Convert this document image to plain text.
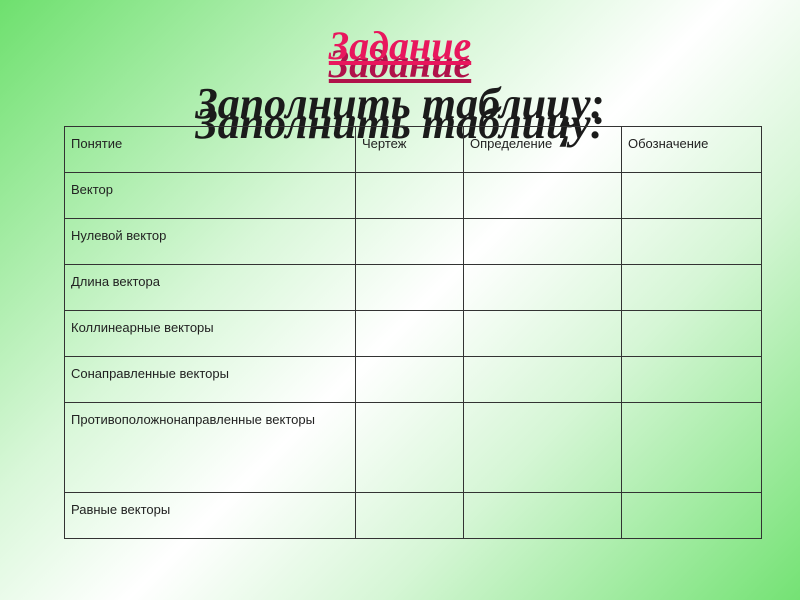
Задание
Заполнить таблицу:
Понятие	Чертеж	Определение	Обозначение
Вектор			
Нулевой вектор			
Длина вектора			
Коллинеарные векторы			
Сонаправленные векторы			
Противоположнонаправленные векторы			
Равные векторы			
